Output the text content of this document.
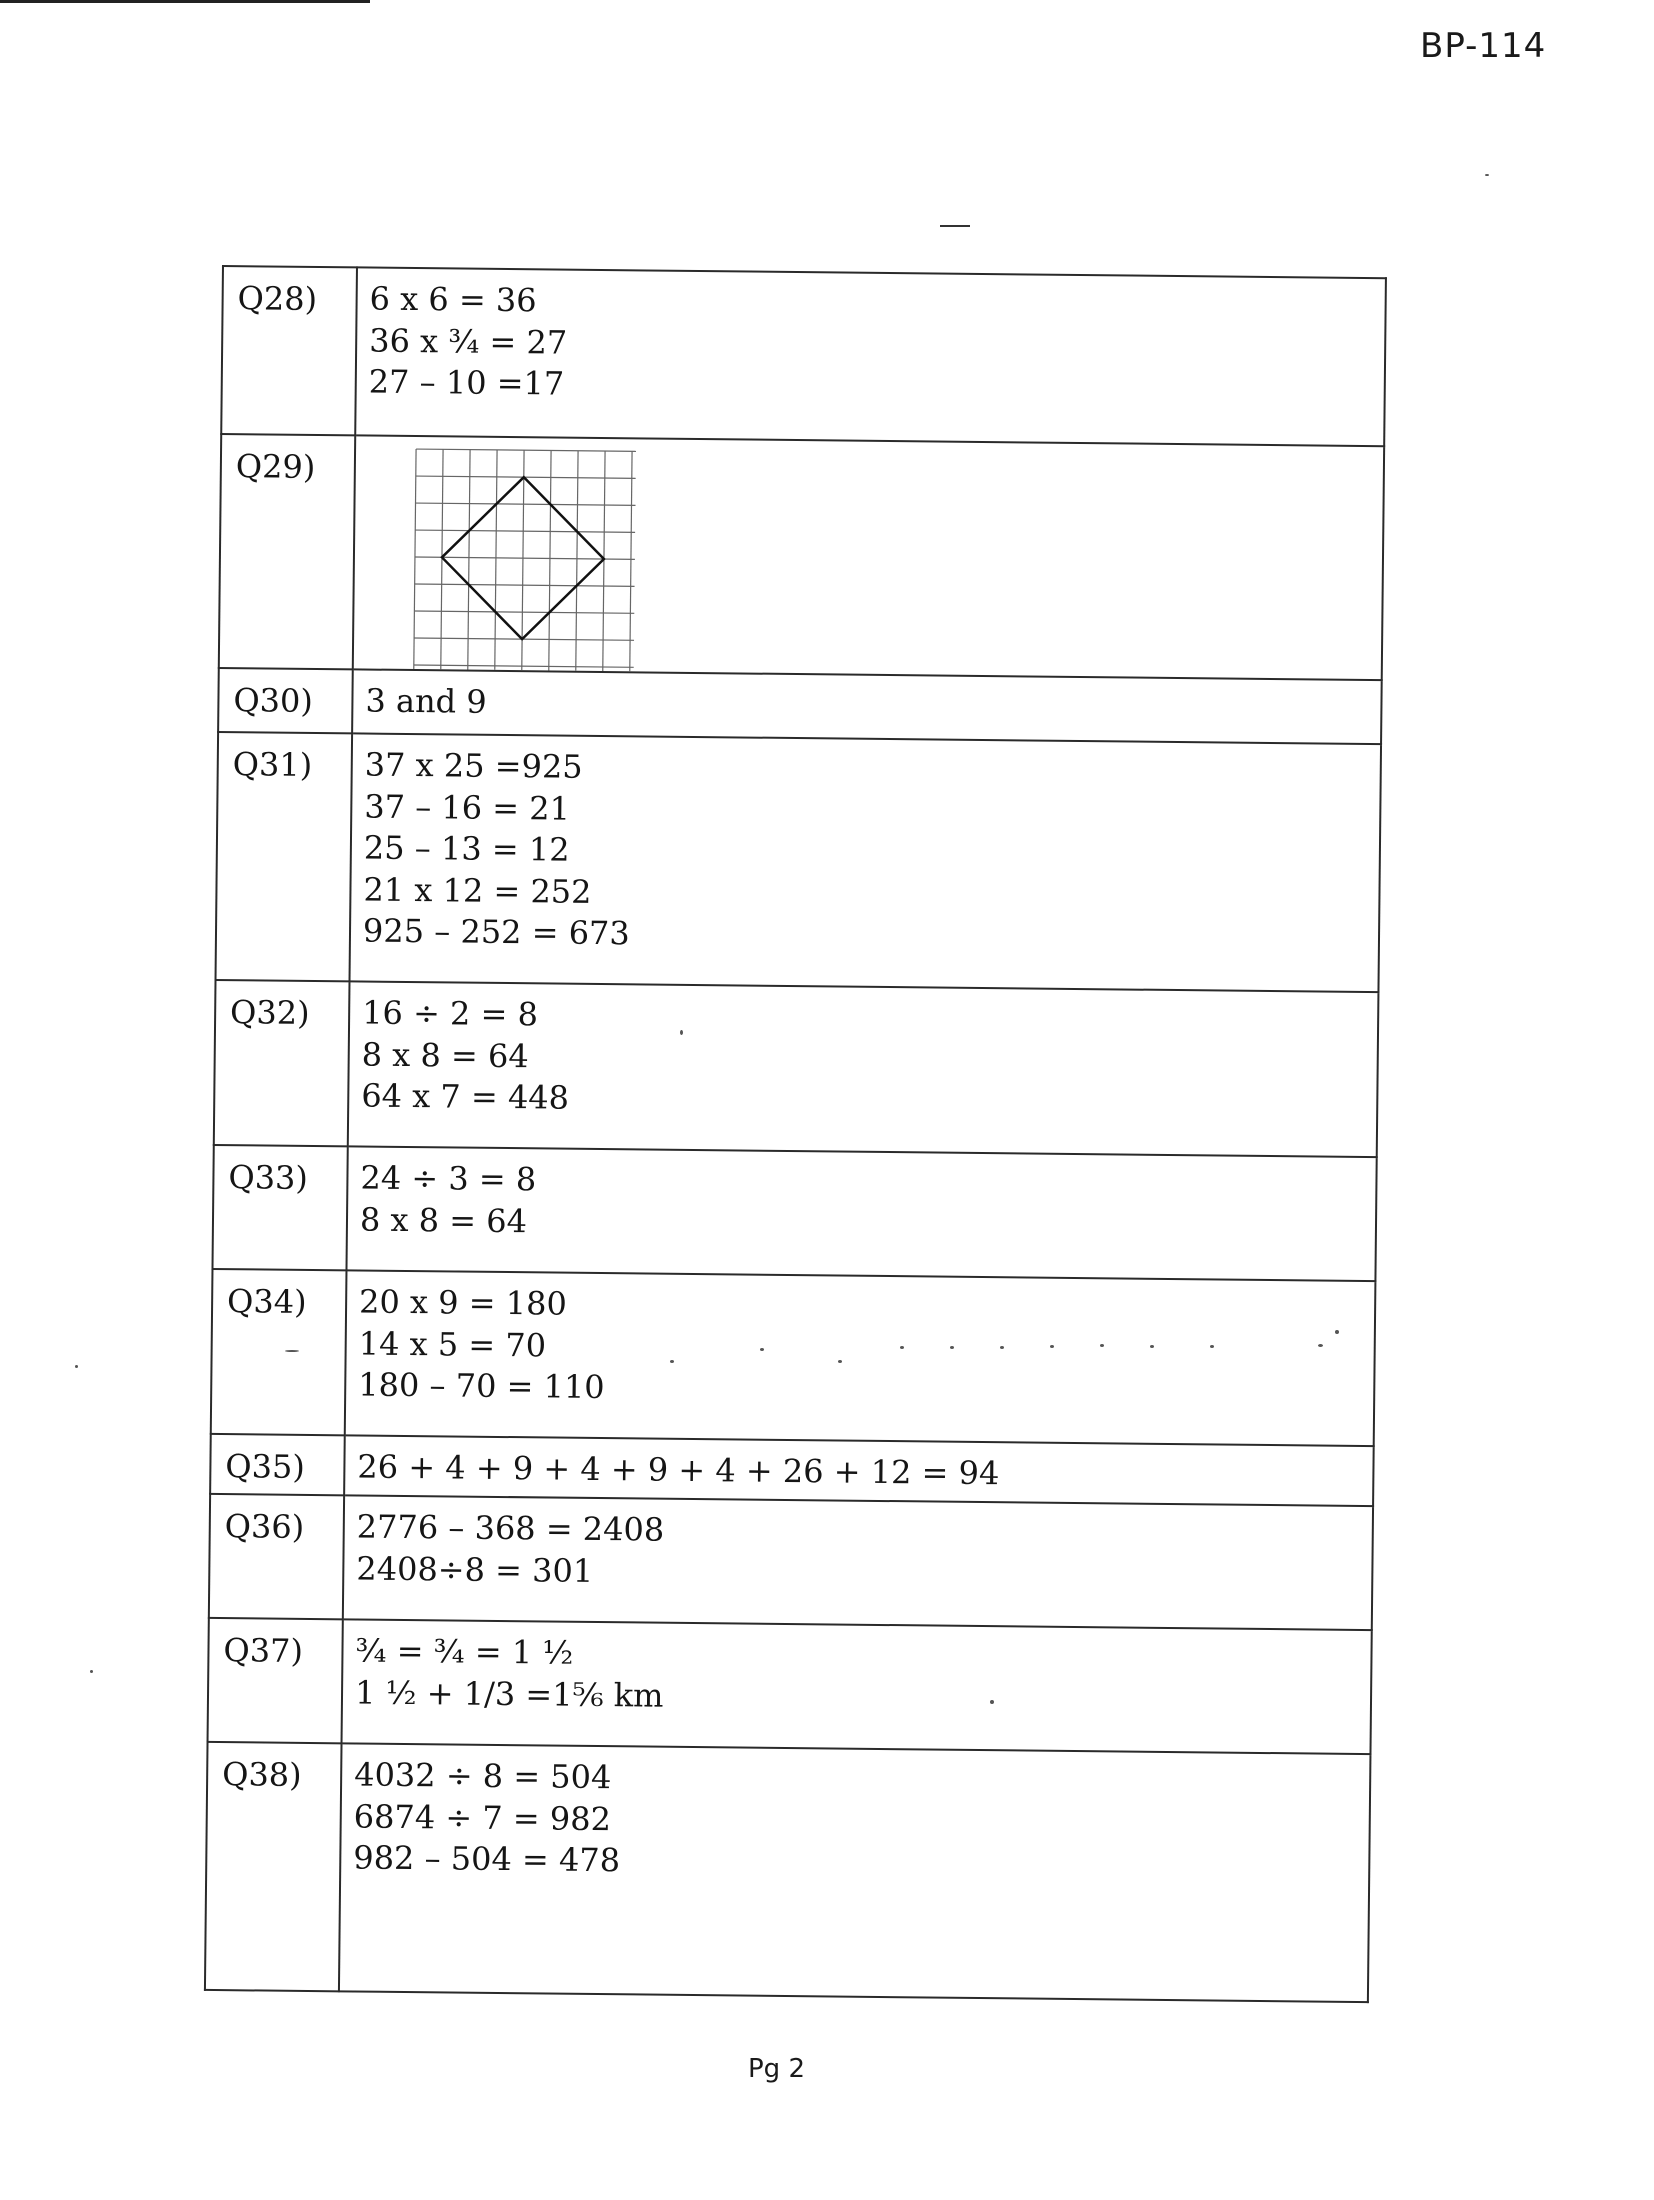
BP-114
Q28)	6 x 6 = 36
36 x ¾ = 27
27 – 10 =17

Q29)	

Q30)	3 and 9

Q31)	37 x 25 =925
37 – 16 = 21
25 – 13 = 12
21 x 12 = 252
925 – 252 = 673

Q32)	16 ÷ 2 = 8
8 x 8 = 64
64 x 7 = 448

Q33)	24 ÷ 3 = 8
8 x 8 = 64

Q34)	20 x 9 = 180
14 x 5 = 70
180 – 70 = 110

Q35)	26 + 4 + 9 + 4 + 9 + 4 + 26 + 12 = 94

Q36)	2776 – 368 = 2408
2408÷8 = 301

Q37)	¾ = ¾ = 1 ½
1 ½ + 1/3 =1⅚ km

Q38)	4032 ÷ 8 = 504
6874 ÷ 7 = 982
982 – 504 = 478
Pg 2
